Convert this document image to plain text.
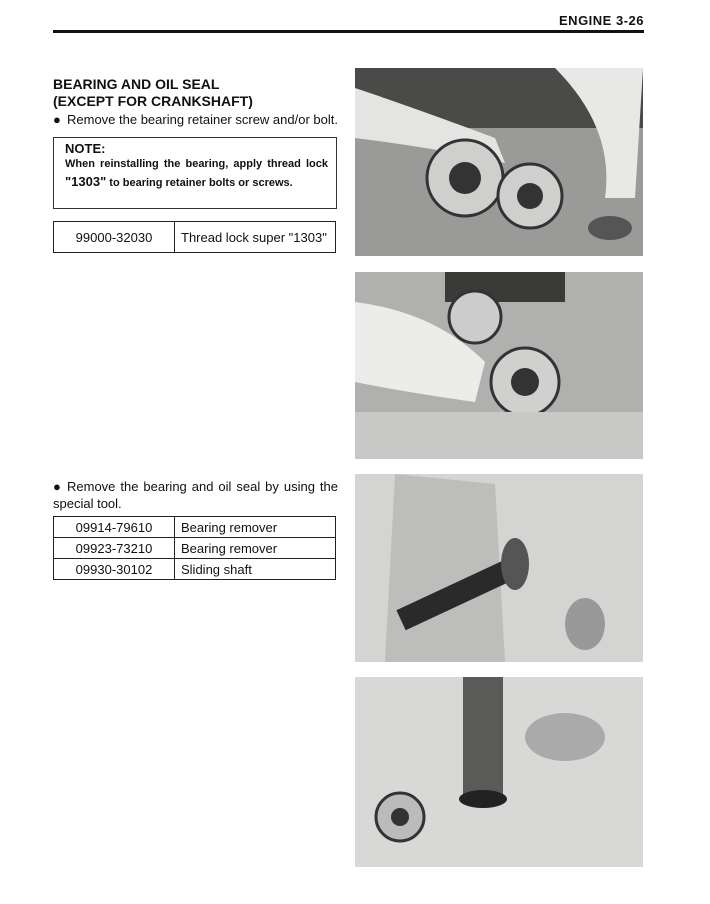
ENGINE 3-26
BEARING AND OIL SEAL
(EXCEPT FOR CRANKSHAFT)
● Remove the bearing retainer screw and/or bolt.
NOTE:
When reinstalling the bearing, apply thread lock "1303" to bearing retainer bolts or screws.
99000-32030	Thread lock super "1303"
● Remove the bearing and oil seal by using the special tool.
09914-79610	Bearing remover
09923-73210	Bearing remover
09930-30102	Sliding shaft
